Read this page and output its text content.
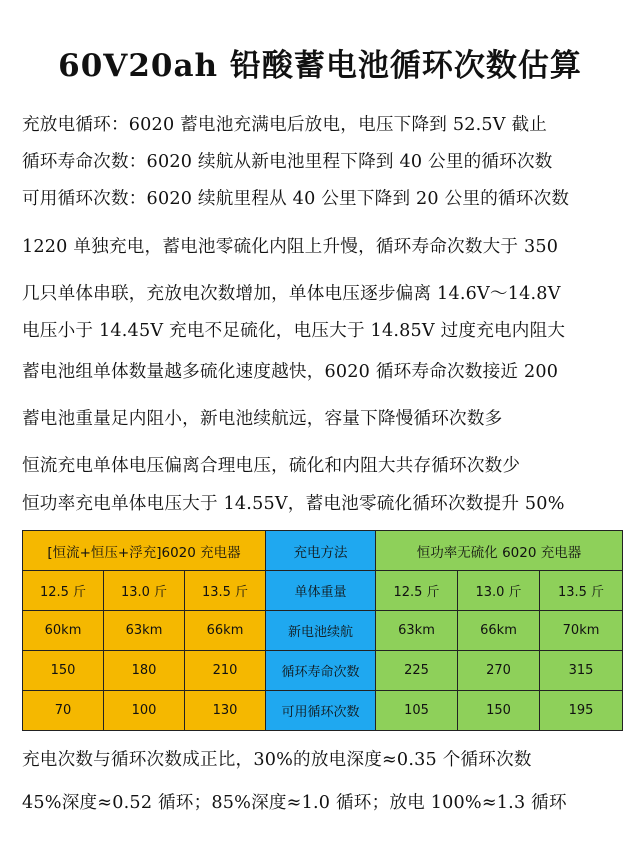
60V20ah 铅酸蓄电池循环次数估算
充放电循环：6020 蓄电池充满电后放电，电压下降到 52.5V 截止
循环寿命次数：6020 续航从新电池里程下降到 40 公里的循环次数
可用循环次数：6020 续航里程从 40 公里下降到 20 公里的循环次数
1220 单独充电，蓄电池零硫化内阻上升慢，循环寿命次数大于 350
几只单体串联，充放电次数增加，单体电压逐步偏离 14.6V～14.8V
电压小于 14.45V 充电不足硫化，电压大于 14.85V 过度充电内阻大
蓄电池组单体数量越多硫化速度越快，6020 循环寿命次数接近 200
蓄电池重量足内阻小，新电池续航远，容量下降慢循环次数多
恒流充电单体电压偏离合理电压，硫化和内阻大共存循环次数少
恒功率充电单体电压大于 14.55V，蓄电池零硫化循环次数提升 50%
[恒流+恒压+浮充]6020 充电器			充电方法	恒功率无硫化 6020 充电器		
12.5 斤	13.0 斤	13.5 斤	单体重量	12.5 斤	13.0 斤	13.5 斤
60km	63km	66km	新电池续航	63km	66km	70km
150	180	210	循环寿命次数	225	270	315
70	100	130	可用循环次数	105	150	195
充电次数与循环次数成正比，30%的放电深度≈0.35 个循环次数
45%深度≈0.52 循环；85%深度≈1.0 循环；放电 100%≈1.3 循环
